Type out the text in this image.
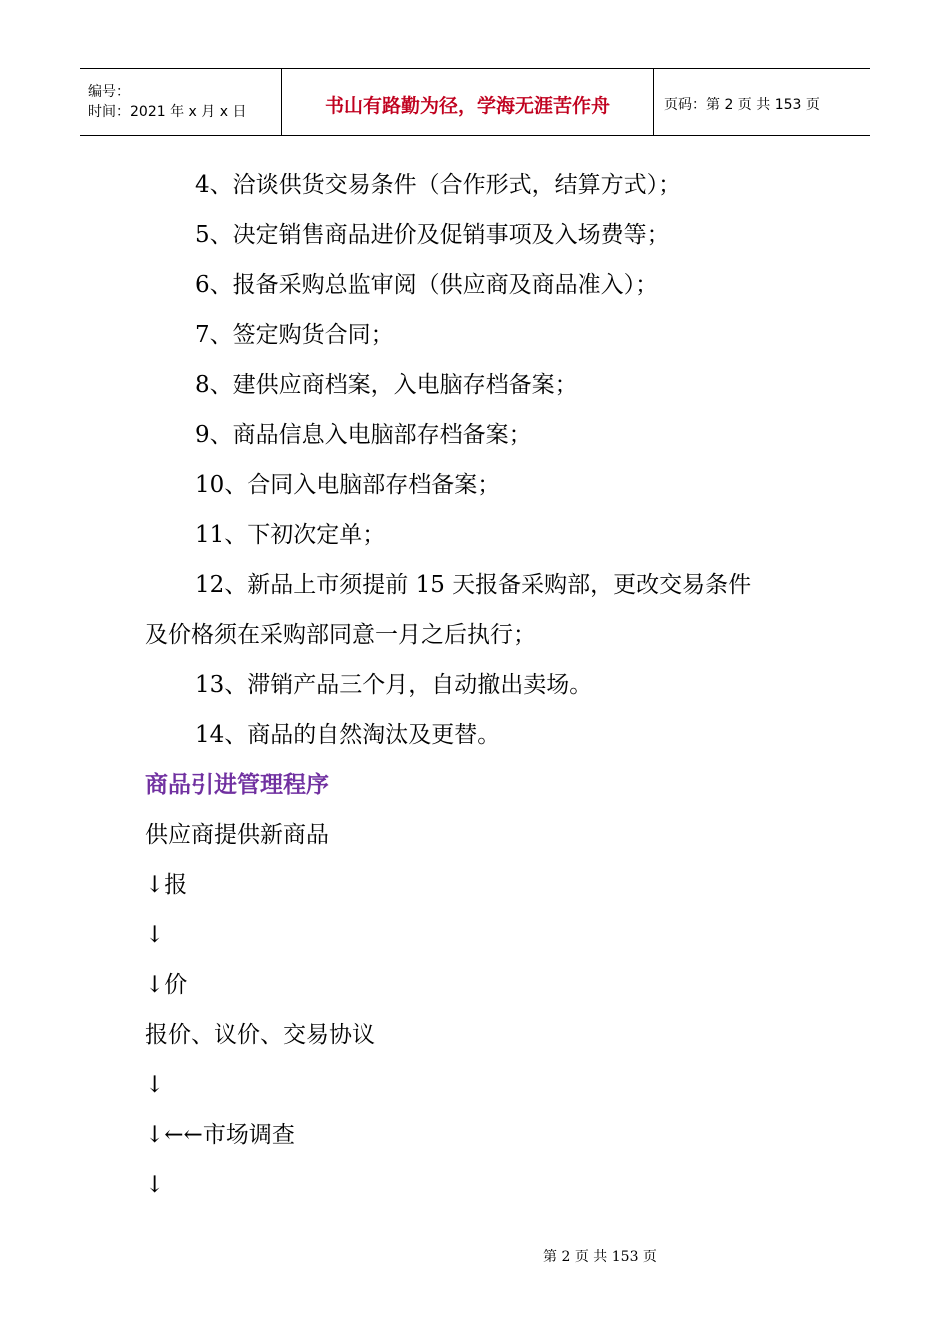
编号：
时间：2021 年 x 月 x 日	书山有路勤为径，学海无涯苦作舟	页码：第 2 页 共 153 页
4、洽谈供货交易条件（合作形式，结算方式）；
5、决定销售商品进价及促销事项及入场费等；
6、报备采购总监审阅（供应商及商品准入）；
7、签定购货合同；
8、建供应商档案，入电脑存档备案；
9、商品信息入电脑部存档备案；
10、合同入电脑部存档备案；
11、下初次定单；
12、新品上市须提前 15 天报备采购部，更改交易条件
及价格须在采购部同意一月之后执行；
13、滞销产品三个月，自动撤出卖场。
14、商品的自然淘汰及更替。
商品引进管理程序
供应商提供新商品
↓报
↓
↓价
报价、议价、交易协议
↓
↓←←市场调查
↓
第 2 页 共 153 页
